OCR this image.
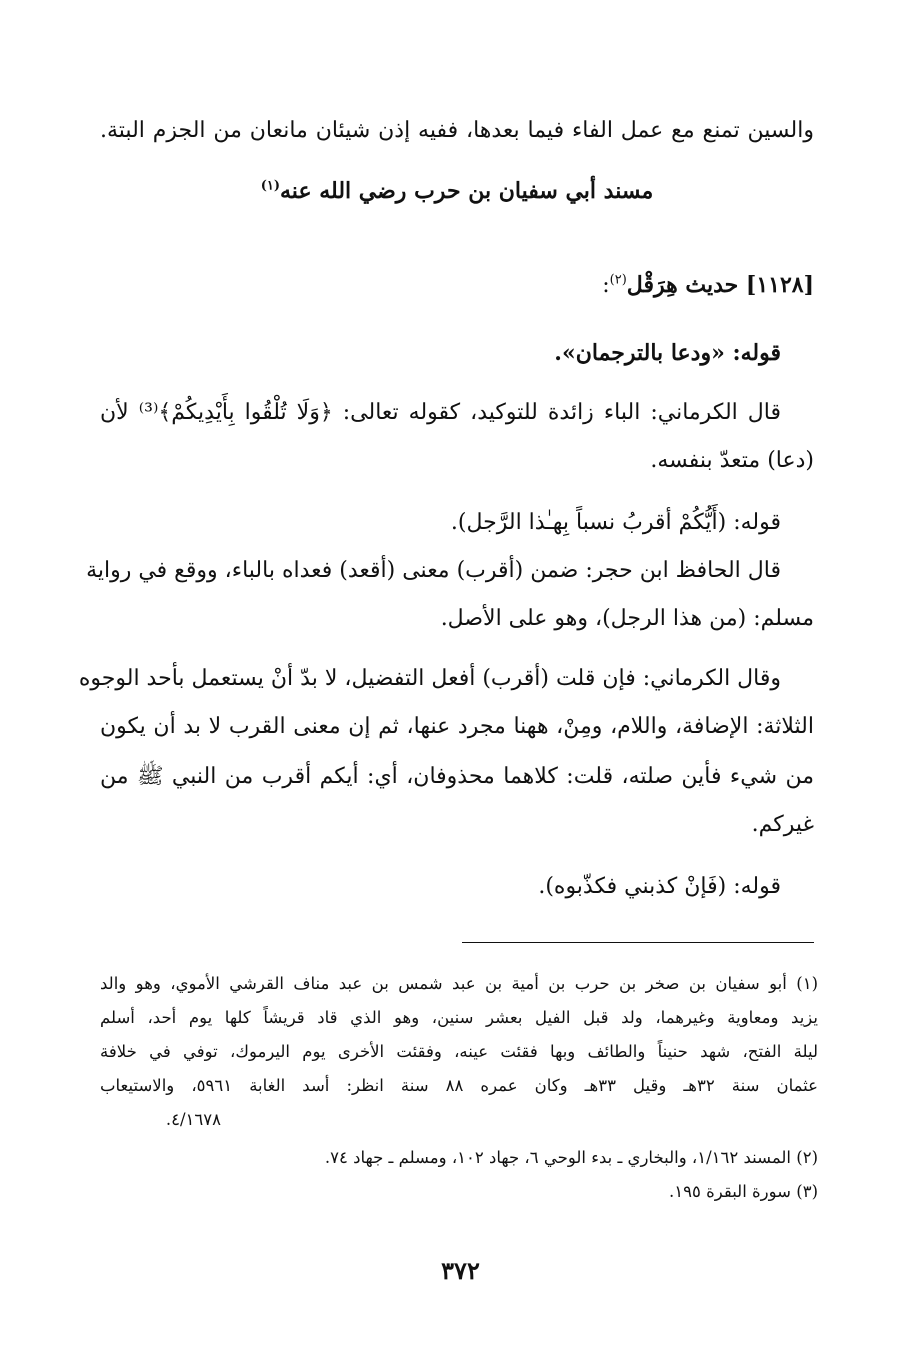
والسين تمنع مع عمل الفاء فيما بعدها، ففيه إذن شيئان مانعان من الجزم البتة.
مسند أبي سفيان بن حرب رضي الله عنه$^{(١)}$
[١١٢٨] حديث هِرَقْل$^{(٢)}$:
قوله: «ودعا بالترجمان».
قال الكرماني: الباء زائدة للتوكيد، كقوله تعالى: ﴿وَلَا تُلْقُوا بِأَيْدِيكُمْ﴾⁽³⁾ لأن
(دعا) متعدّ بنفسه.
قوله: (أَيُّكُمْ أقربُ نسباً بِهـٰذا الرَّجل).
قال الحافظ ابن حجر: ضمن (أقرب) معنى (أقعد) فعداه بالباء، ووقع في رواية
مسلم: (من هذا الرجل)، وهو على الأصل.
وقال الكرماني: فإن قلت (أقرب) أفعل التفضيل، لا بدّ أنْ يستعمل بأحد الوجوه
الثلاثة: الإضافة، واللام، ومِنْ، ههنا مجرد عنها، ثم إن معنى القرب لا بد أن يكون
من شيء فأين صلته، قلت: كلاهما محذوفان، أي: أيكم أقرب من النبي ﷺ من
غيركم.
قوله: (فَإنْ كذبني فكذّبوه).
(١) أبو سفيان بن صخر بن حرب بن أمية بن عبد شمس بن عبد مناف القرشي الأموي، وهو والد
يزيد ومعاوية وغيرهما، ولد قبل الفيل بعشر سنين، وهو الذي قاد قريشاً كلها يوم أحد، أسلم
ليلة الفتح، شهد حنيناً والطائف وبها فقئت عينه، وفقئت الأخرى يوم اليرموك، توفي في خلافة
عثمان سنة ٣٢هـ وقيل ٣٣هـ وكان عمره ٨٨ سنة انظر: أسد الغابة ٥٩٦١، والاستيعاب
٤/١٦٧٨.
(٢) المسند ١/١٦٢، والبخاري ـ بدء الوحي ٦، جهاد ١٠٢، ومسلم ـ جهاد ٧٤.
(٣) سورة البقرة ١٩٥.
٣٧٢
